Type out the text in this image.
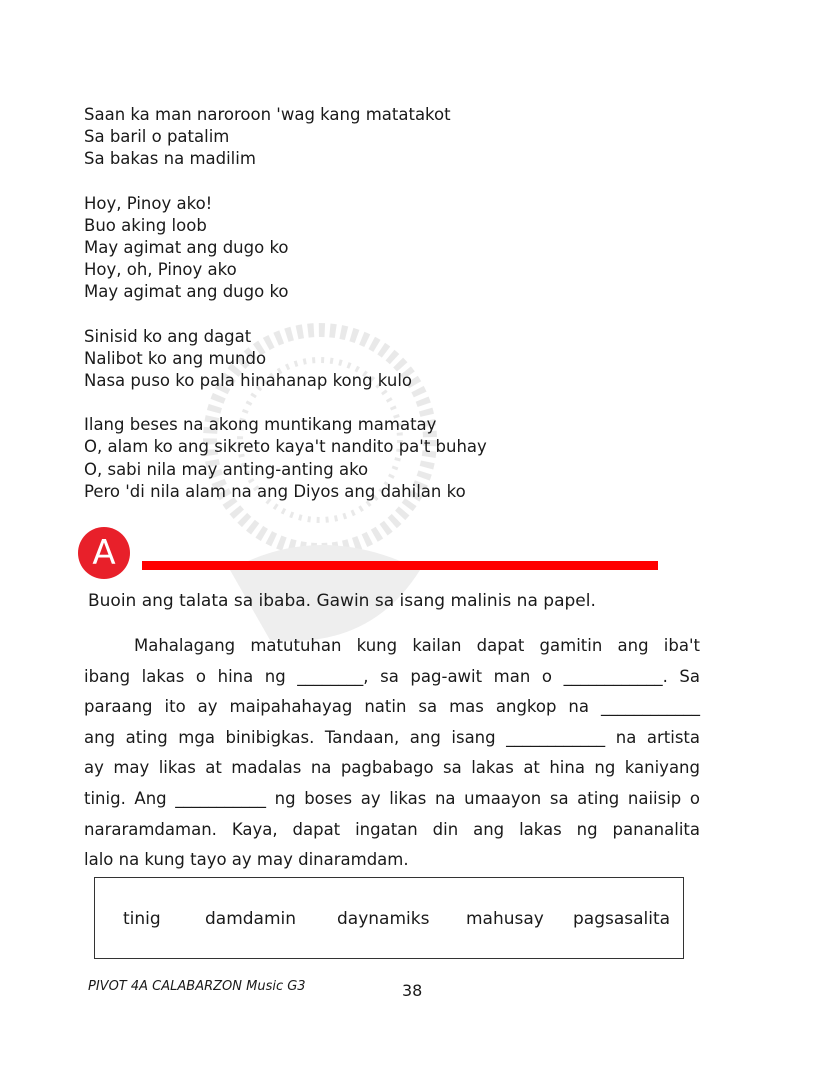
Saan ka man naroroon 'wag kang matatakot
Sa baril o patalim
Sa bakas na madilim
Hoy, Pinoy ako!
Buo aking loob
May agimat ang dugo ko
Hoy, oh, Pinoy ako
May agimat ang dugo ko
Sinisid ko ang dagat
Nalibot ko ang mundo
Nasa puso ko pala hinahanap kong kulo
Ilang beses na akong muntikang mamatay
O, alam ko ang sikreto kaya't nandito pa't buhay
O, sabi nila may anting-anting ako
Pero 'di nila alam na ang Diyos ang dahilan ko
A
Buoin ang talata sa ibaba. Gawin sa isang malinis na papel.
Mahalagang matutuhan kung kailan dapat gamitin ang iba't
ibang lakas o hina ng ________, sa pag-awit man o ____________. Sa
paraang ito ay maipahahayag natin sa mas angkop na ____________
ang ating mga binibigkas. Tandaan, ang isang ____________ na artista
ay may likas at madalas na pagbabago sa lakas at hina ng kaniyang
tinig. Ang ___________ ng boses ay likas na umaayon sa ating naiisip o
nararamdaman. Kaya, dapat ingatan din ang lakas ng pananalita
lalo na kung tayo ay may dinaramdam.
tinig	damdamin daynamiks mahusay pagsasalita
PIVOT 4A CALABARZON Music G3	38
